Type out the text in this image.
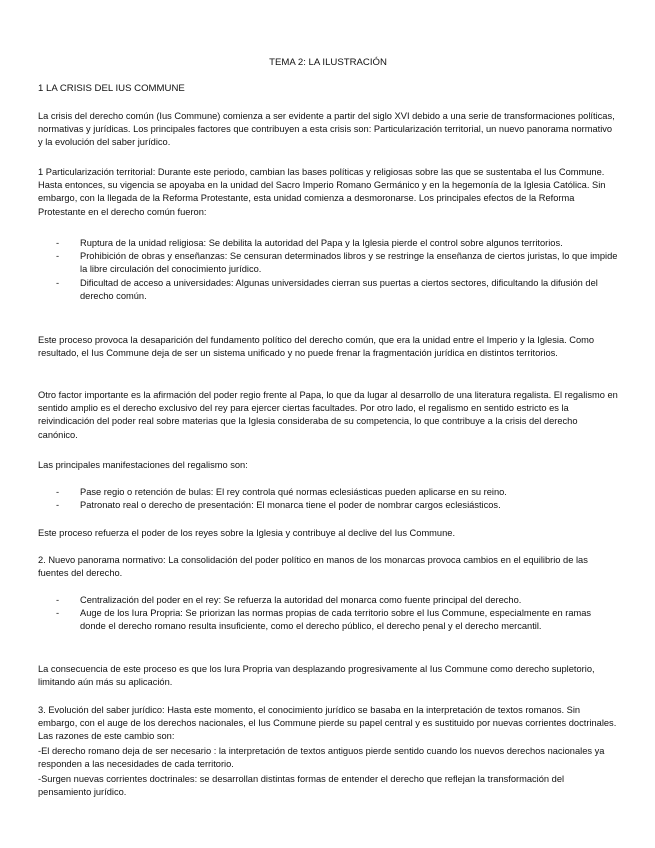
TEMA 2: LA ILUSTRACIÓN

1 LA CRISIS DEL IUS COMMUNE

La crisis del derecho común (Ius Commune) comienza a ser evidente a partir del siglo XVI debido a una serie de transformaciones políticas, normativas y jurídicas. Los principales factores que contribuyen a esta crisis son: Particularización territorial, un nuevo panorama normativo y la evolución del saber jurídico.

1 Particularización territorial: Durante este periodo, cambian las bases políticas y religiosas sobre las que se sustentaba el Ius Commune. Hasta entonces, su vigencia se apoyaba en la unidad del Sacro Imperio Romano Germánico y en la hegemonía de la Iglesia Católica. Sin embargo, con la llegada de la Reforma Protestante, esta unidad comienza a desmoronarse. Los principales efectos de la Reforma Protestante en el derecho común fueron:

- Ruptura de la unidad religiosa: Se debilita la autoridad del Papa y la Iglesia pierde el control sobre algunos territorios.
- Prohibición de obras y enseñanzas: Se censuran determinados libros y se restringe la enseñanza de ciertos juristas, lo que impide la libre circulación del conocimiento jurídico.
- Dificultad de acceso a universidades: Algunas universidades cierran sus puertas a ciertos sectores, dificultando la difusión del derecho común.

Este proceso provoca la desaparición del fundamento político del derecho común, que era la unidad entre el Imperio y la Iglesia. Como resultado, el Ius Commune deja de ser un sistema unificado y no puede frenar la fragmentación jurídica en distintos territorios.

Otro factor importante es la afirmación del poder regio frente al Papa, lo que da lugar al desarrollo de una literatura regalista. El regalismo en sentido amplio es el derecho exclusivo del rey para ejercer ciertas facultades. Por otro lado, el regalismo en sentido estricto es la reivindicación del poder real sobre materias que la Iglesia consideraba de su competencia, lo que contribuye a la crisis del derecho canónico.

Las principales manifestaciones del regalismo son:

- Pase regio o retención de bulas: El rey controla qué normas eclesiásticas pueden aplicarse en su reino.
- Patronato real o derecho de presentación: El monarca tiene el poder de nombrar cargos eclesiásticos.

Este proceso refuerza el poder de los reyes sobre la Iglesia y contribuye al declive del Ius Commune.

2. Nuevo panorama normativo: La consolidación del poder político en manos de los monarcas provoca cambios en el equilibrio de las fuentes del derecho.

- Centralización del poder en el rey: Se refuerza la autoridad del monarca como fuente principal del derecho.
- Auge de los Iura Propria: Se priorizan las normas propias de cada territorio sobre el Ius Commune, especialmente en ramas donde el derecho romano resulta insuficiente, como el derecho público, el derecho penal y el derecho mercantil.

La consecuencia de este proceso es que los Iura Propria van desplazando progresivamente al Ius Commune como derecho supletorio, limitando aún más su aplicación.

3. Evolución del saber jurídico: Hasta este momento, el conocimiento jurídico se basaba en la interpretación de textos romanos. Sin embargo, con el auge de los derechos nacionales, el Ius Commune pierde su papel central y es sustituido por nuevas corrientes doctrinales. Las razones de este cambio son:

-El derecho romano deja de ser necesario : la interpretación de textos antiguos pierde sentido cuando los nuevos derechos nacionales ya responden a las necesidades de cada territorio.

-Surgen nuevas corrientes doctrinales: se desarrollan distintas formas de entender el derecho que reflejan la transformación del pensamiento jurídico.
